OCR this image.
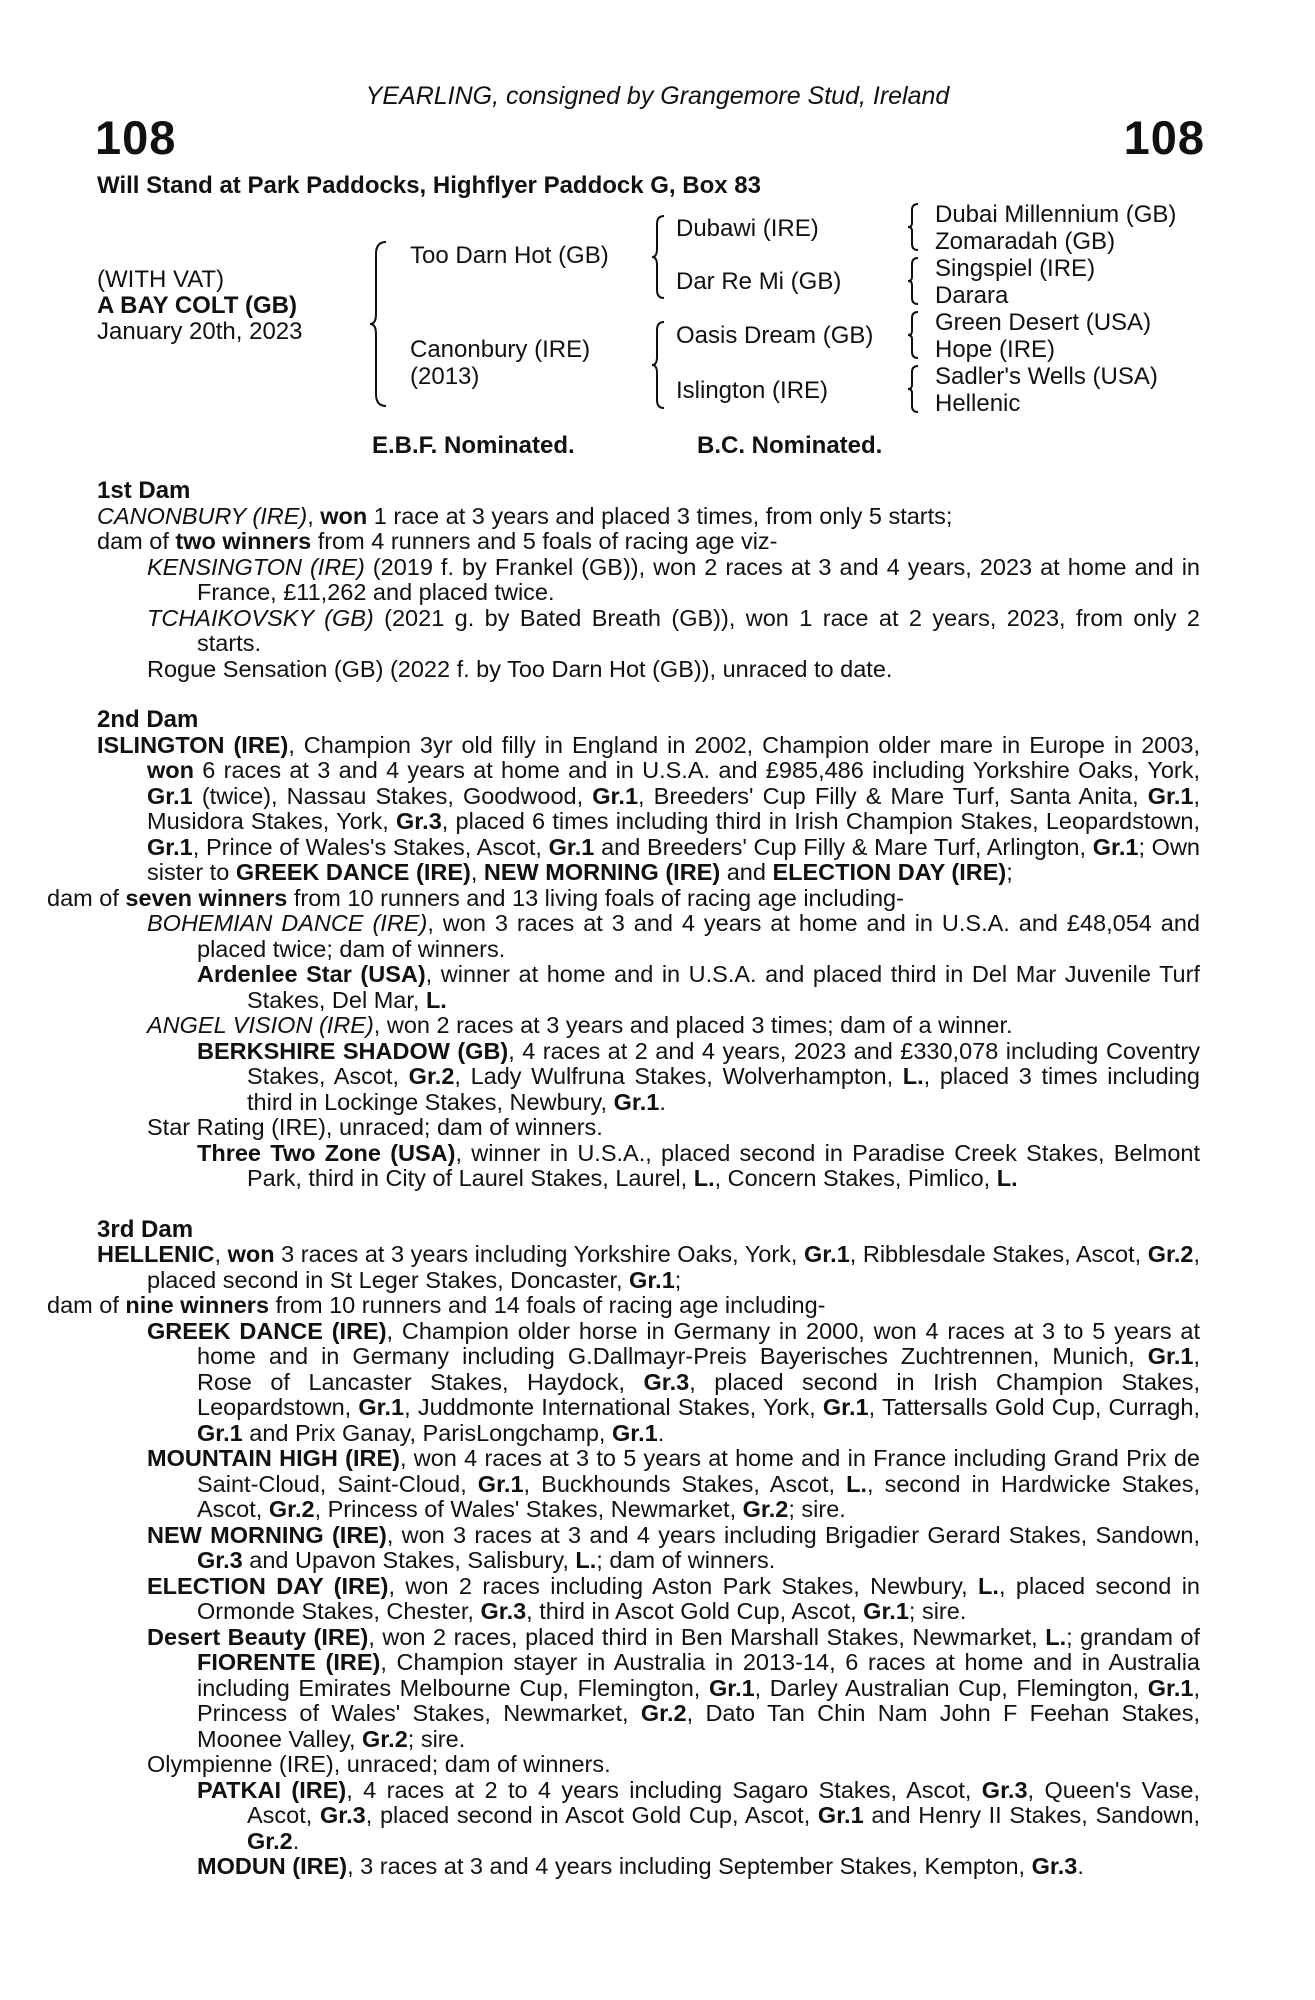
YEARLING, consigned by Grangemore Stud, Ireland
108	108
Will Stand at Park Paddocks, Highflyer Paddock G, Box 83
(WITH VAT)
A BAY COLT (GB)
January 20th, 2023
Too Darn Hot (GB)
Canonbury (IRE)
(2013)
Dubawi (IRE)
Dar Re Mi (GB)
Oasis Dream (GB)
Islington (IRE)
Dubai Millennium (GB)
Zomaradah (GB)
Singspiel (IRE)
Darara
Green Desert (USA)
Hope (IRE)
Sadler's Wells (USA)
Hellenic
E.B.F. Nominated.	B.C. Nominated.

1st Dam

CANONBURY (IRE), won 1 race at 3 years and placed 3 times, from only 5 starts;

dam of two winners from 4 runners and 5 foals of racing age viz-

KENSINGTON (IRE) (2019 f. by Frankel (GB)), won 2 races at 3 and 4 years, 2023 at home and in France, £11,262 and placed twice.

TCHAIKOVSKY (GB) (2021 g. by Bated Breath (GB)), won 1 race at 2 years, 2023, from only 2 starts.

Rogue Sensation (GB) (2022 f. by Too Darn Hot (GB)), unraced to date.

2nd Dam

ISLINGTON (IRE), Champion 3yr old filly in England in 2002, Champion older mare in Europe in 2003, won 6 races at 3 and 4 years at home and in U.S.A. and £985,486 including Yorkshire Oaks, York, Gr.1 (twice), Nassau Stakes, Goodwood, Gr.1, Breeders' Cup Filly & Mare Turf, Santa Anita, Gr.1, Musidora Stakes, York, Gr.3, placed 6 times including third in Irish Champion Stakes, Leopardstown, Gr.1, Prince of Wales's Stakes, Ascot, Gr.1 and Breeders' Cup Filly & Mare Turf, Arlington, Gr.1; Own sister to GREEK DANCE (IRE), NEW MORNING (IRE) and ELECTION DAY (IRE);

dam of seven winners from 10 runners and 13 living foals of racing age including-

BOHEMIAN DANCE (IRE), won 3 races at 3 and 4 years at home and in U.S.A. and £48,054 and placed twice; dam of winners.

Ardenlee Star (USA), winner at home and in U.S.A. and placed third in Del Mar Juvenile Turf Stakes, Del Mar, L.

ANGEL VISION (IRE), won 2 races at 3 years and placed 3 times; dam of a winner.

BERKSHIRE SHADOW (GB), 4 races at 2 and 4 years, 2023 and £330,078 including Coventry Stakes, Ascot, Gr.2, Lady Wulfruna Stakes, Wolverhampton, L., placed 3 times including third in Lockinge Stakes, Newbury, Gr.1.

Star Rating (IRE), unraced; dam of winners.

Three Two Zone (USA), winner in U.S.A., placed second in Paradise Creek Stakes, Belmont Park, third in City of Laurel Stakes, Laurel, L., Concern Stakes, Pimlico, L.

3rd Dam

HELLENIC, won 3 races at 3 years including Yorkshire Oaks, York, Gr.1, Ribblesdale Stakes, Ascot, Gr.2, placed second in St Leger Stakes, Doncaster, Gr.1;

dam of nine winners from 10 runners and 14 foals of racing age including-

GREEK DANCE (IRE), Champion older horse in Germany in 2000, won 4 races at 3 to 5 years at home and in Germany including G.Dallmayr-Preis Bayerisches Zuchtrennen, Munich, Gr.1, Rose of Lancaster Stakes, Haydock, Gr.3, placed second in Irish Champion Stakes, Leopardstown, Gr.1, Juddmonte International Stakes, York, Gr.1, Tattersalls Gold Cup, Curragh, Gr.1 and Prix Ganay, ParisLongchamp, Gr.1.

MOUNTAIN HIGH (IRE), won 4 races at 3 to 5 years at home and in France including Grand Prix de Saint-Cloud, Saint-Cloud, Gr.1, Buckhounds Stakes, Ascot, L., second in Hardwicke Stakes, Ascot, Gr.2, Princess of Wales' Stakes, Newmarket, Gr.2; sire.

NEW MORNING (IRE), won 3 races at 3 and 4 years including Brigadier Gerard Stakes, Sandown, Gr.3 and Upavon Stakes, Salisbury, L.; dam of winners.

ELECTION DAY (IRE), won 2 races including Aston Park Stakes, Newbury, L., placed second in Ormonde Stakes, Chester, Gr.3, third in Ascot Gold Cup, Ascot, Gr.1; sire.

Desert Beauty (IRE), won 2 races, placed third in Ben Marshall Stakes, Newmarket, L.; grandam of FIORENTE (IRE), Champion stayer in Australia in 2013-14, 6 races at home and in Australia including Emirates Melbourne Cup, Flemington, Gr.1, Darley Australian Cup, Flemington, Gr.1, Princess of Wales' Stakes, Newmarket, Gr.2, Dato Tan Chin Nam John F Feehan Stakes, Moonee Valley, Gr.2; sire.

Olympienne (IRE), unraced; dam of winners.

PATKAI (IRE), 4 races at 2 to 4 years including Sagaro Stakes, Ascot, Gr.3, Queen's Vase, Ascot, Gr.3, placed second in Ascot Gold Cup, Ascot, Gr.1 and Henry II Stakes, Sandown, Gr.2.

MODUN (IRE), 3 races at 3 and 4 years including September Stakes, Kempton, Gr.3.
